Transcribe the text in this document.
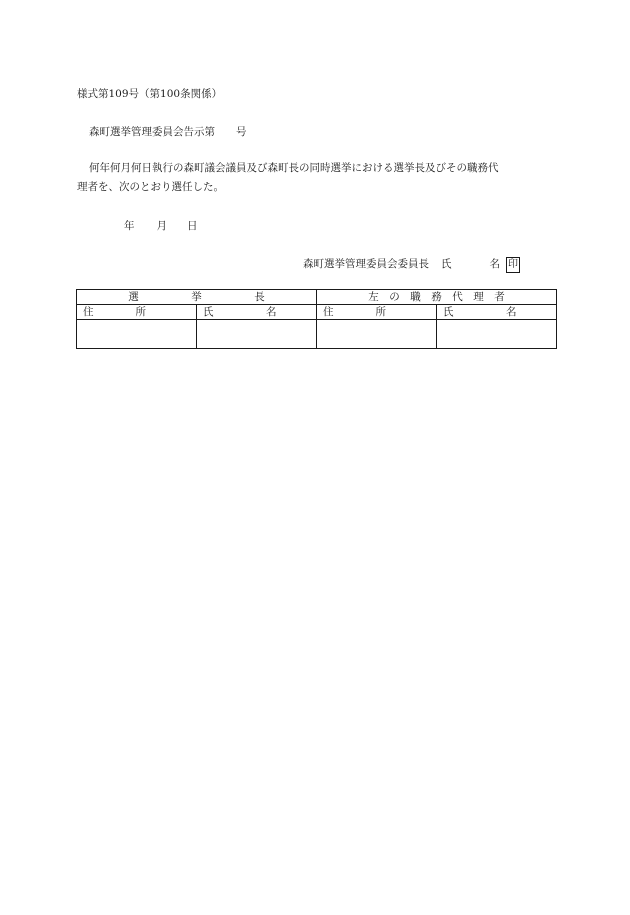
様式第109号（第100条関係）
森町選挙管理委員会告示第　　号
何年何月何日執行の森町議会議員及び森町長の同時選挙における選挙長及びその職務代
理者を、次のとおり選任した。
年 月 日
森町選挙管理委員会委員長 氏	名 印
選　　　　　挙　　　　　長		左　の　職　務　代　理　者	
住　　　　所	氏　　　　　名	住　　　　所	氏　　　　　名
